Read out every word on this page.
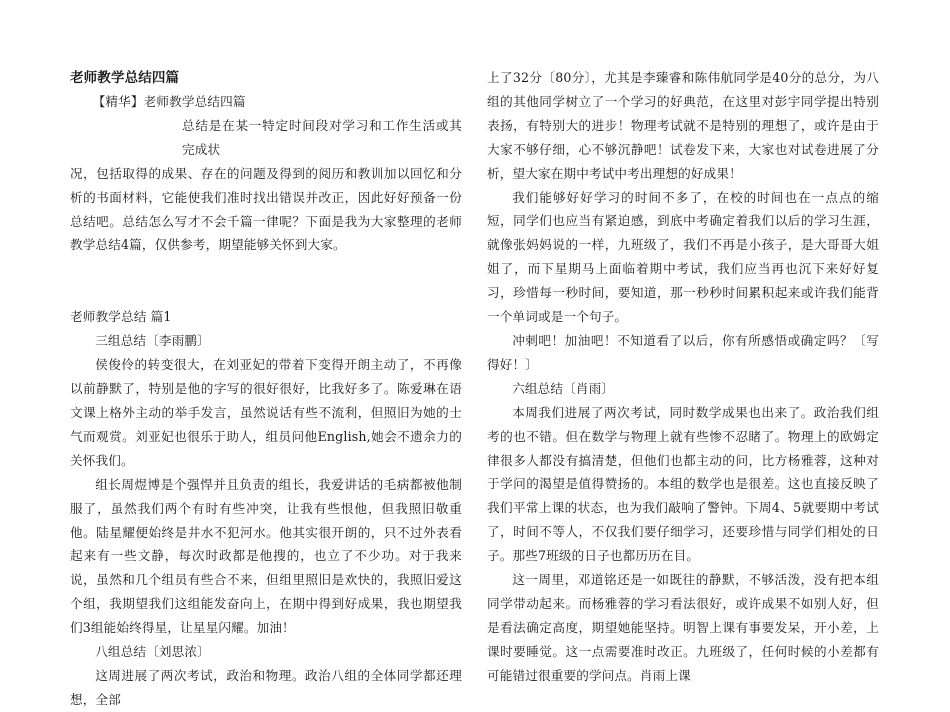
老师教学总结四篇

【精华】老师教学总结四篇

总结是在某一特定时间段对学习和工作生活或其完成状

况，包括取得的成果、存在的问题及得到的阅历和教训加以回忆和分析的书面材料，它能使我们准时找出错误并改正，因此好好预备一份总结吧。总结怎么写才不会千篇一律呢？下面是我为大家整理的老师教学总结4篇，仅供参考，期望能够关怀到大家。

老师教学总结 篇1

三组总结〔李雨鹏〕

侯俊伶的转变很大，在刘亚妃的带着下变得开朗主动了，不再像以前静默了，特别是他的字写的很好很好，比我好多了。陈爱琳在语文课上格外主动的举手发言，虽然说话有些不流利，但照旧为她的士气而观赏。刘亚妃也很乐于助人，组员问他English,她会不遗余力的关怀我们。

组长周煜博是个强悍并且负责的组长，我爱讲话的毛病都被他制服了，虽然我们两个有时有些冲突，让我有些恨他，但我照旧敬重他。陆星耀便始终是井水不犯河水。他其实很开朗的，只不过外表看起来有一些文静，每次时政都是他搜的，也立了不少功。对于我来说，虽然和几个组员有些合不来，但组里照旧是欢快的，我照旧爱这个组，我期望我们这组能发奋向上，在期中得到好成果，我也期望我们3组能始终得星，让星星闪耀。加油！

八组总结〔刘思浓〕

这周进展了两次考试，政治和物理。政治八组的全体同学都还理想，全部

上了32分〔80分〕，尤其是李臻睿和陈伟航同学是40分的总分，为八组的其他同学树立了一个学习的好典范，在这里对彭宇同学提出特别表扬，有特别大的进步！物理考试就不是特别的理想了，或许是由于大家不够仔细，心不够沉静吧！试卷发下来，大家也对试卷进展了分析，望大家在期中考试中考出理想的好成果！

我们能够好好学习的时间不多了，在校的时间也在一点点的缩短，同学们也应当有紧迫感，到底中考确定着我们以后的学习生涯，就像张妈妈说的一样，九班级了，我们不再是小孩子，是大哥哥大姐姐了，而下星期马上面临着期中考试，我们应当再也沉下来好好复习，珍惜每一秒时间，要知道，那一秒秒时间累积起来或许我们能背一个单词或是一个句子。

冲刺吧！加油吧！不知道看了以后，你有所感悟或确定吗？〔写得好！〕

六组总结〔肖雨〕

本周我们进展了两次考试，同时数学成果也出来了。政治我们组考的也不错。但在数学与物理上就有些惨不忍睹了。物理上的欧姆定律很多人都没有搞清楚，但他们也都主动的问，比方杨雅蓉，这种对于学问的渴望是值得赞扬的。本组的数学也是很差。这也直接反映了我们平常上课的状态，也为我们敲响了警钟。下周4、5就要期中考试了，时间不等人，不仅我们要仔细学习，还要珍惜与同学们相处的日子。那些7班级的日子也都历历在目。

这一周里，邓道铭还是一如既往的静默，不够活泼，没有把本组同学带动起来。而杨雅蓉的学习看法很好，或许成果不如别人好，但是看法确定高度，期望她能坚持。明智上课有事要发呆，开小差，上课时要睡觉。这一点需要准时改正。九班级了，任何时候的小差都有可能错过很重要的学问点。肖雨上课
